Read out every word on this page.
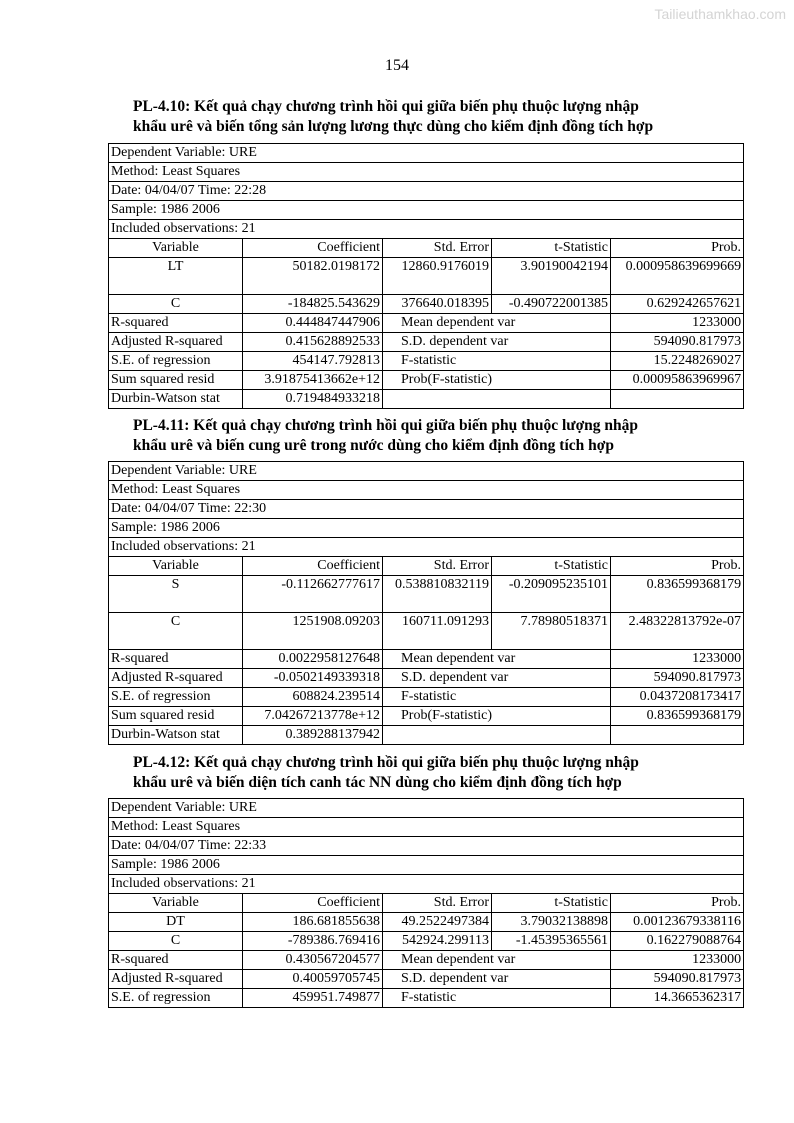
Tailieuthamkhao.com
154
PL-4.10: Kết quả chạy chương trình hồi qui giữa biến phụ thuộc lượng nhập
khẩu urê và biến tổng sản lượng lương thực dùng cho kiểm định đồng tích hợp
Dependent Variable: URE				
Method: Least Squares				
Date: 04/04/07 Time: 22:28				
Sample: 1986 2006				
Included observations: 21				
Variable	Coefficient	Std. Error	t-Statistic	Prob.
LT	50182.0198172	12860.9176019	3.90190042194	0.000958639699669
C	-184825.543629	376640.018395	-0.490722001385	0.629242657621
R-squared	0.444847447906	Mean dependent var		1233000
Adjusted R-squared	0.415628892533	S.D. dependent var		594090.817973
S.E. of regression	454147.792813	F-statistic		15.2248269027
Sum squared resid	3.91875413662e+12	Prob(F-statistic)		0.00095863969967
Durbin-Watson stat	0.719484933218			
PL-4.11: Kết quả chạy chương trình hồi qui giữa biến phụ thuộc lượng nhập
khẩu urê và biến cung urê trong nước dùng cho kiểm định đồng tích hợp
Dependent Variable: URE				
Method: Least Squares				
Date: 04/04/07 Time: 22:30				
Sample: 1986 2006				
Included observations: 21				
Variable	Coefficient	Std. Error	t-Statistic	Prob.
S	-0.112662777617	0.538810832119	-0.209095235101	0.836599368179
C	1251908.09203	160711.091293	7.78980518371	2.48322813792e-07
R-squared	0.0022958127648	Mean dependent var		1233000
Adjusted R-squared	-0.0502149339318	S.D. dependent var		594090.817973
S.E. of regression	608824.239514	F-statistic		0.0437208173417
Sum squared resid	7.04267213778e+12	Prob(F-statistic)		0.836599368179
Durbin-Watson stat	0.389288137942			
PL-4.12: Kết quả chạy chương trình hồi qui giữa biến phụ thuộc lượng nhập
khẩu urê và biến diện tích canh tác NN dùng cho kiểm định đồng tích hợp
Dependent Variable: URE				
Method: Least Squares				
Date: 04/04/07 Time: 22:33				
Sample: 1986 2006				
Included observations: 21				
Variable	Coefficient	Std. Error	t-Statistic	Prob.
DT	186.681855638	49.2522497384	3.79032138898	0.00123679338116
C	-789386.769416	542924.299113	-1.45395365561	0.162279088764
R-squared	0.430567204577	Mean dependent var		1233000
Adjusted R-squared	0.40059705745	S.D. dependent var		594090.817973
S.E. of regression	459951.749877	F-statistic		14.3665362317
